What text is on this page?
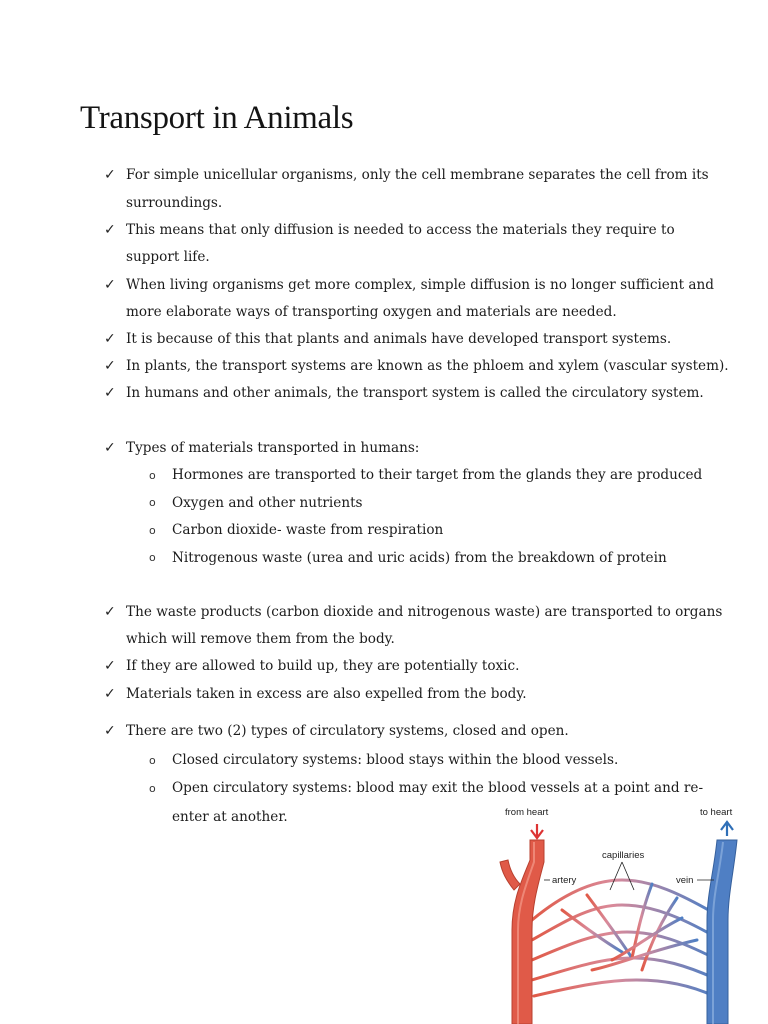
Transport in Animals
✓ For simple unicellular organisms, only the cell membrane separates the cell from its
surroundings.
✓ This means that only diffusion is needed to access the materials they require to
support life.
✓ When living organisms get more complex, simple diffusion is no longer sufficient and
more elaborate ways of transporting oxygen and materials are needed.
✓ It is because of this that plants and animals have developed transport systems.
✓ In plants, the transport systems are known as the phloem and xylem (vascular system).
✓ In humans and other animals, the transport system is called the circulatory system.
✓ Types of materials transported in humans:
o Hormones are transported to their target from the glands they are produced
o Oxygen and other nutrients
o Carbon dioxide- waste from respiration
o Nitrogenous waste (urea and uric acids) from the breakdown of protein
✓ The waste products (carbon dioxide and nitrogenous waste) are transported to organs
which will remove them from the body.
✓ If they are allowed to build up, they are potentially toxic.
✓ Materials taken in excess are also expelled from the body.
✓ There are two (2) types of circulatory systems, closed and open.
o Closed circulatory systems: blood stays within the blood vessels.
o Open circulatory systems: blood may exit the blood vessels at a point and re-
enter at another.	from heart	to heart
capillaries
artery	vein
